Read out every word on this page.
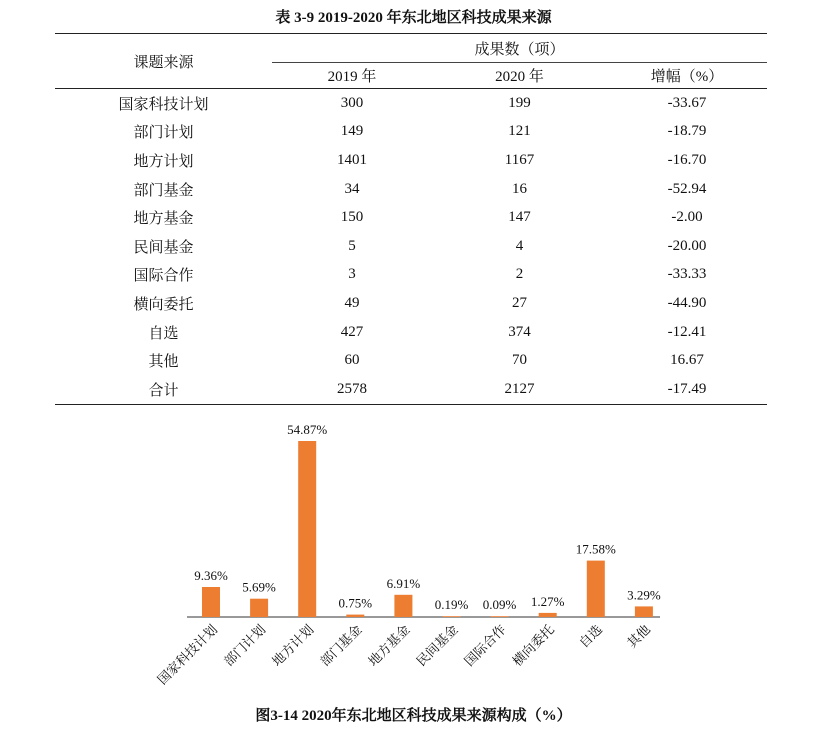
表 3-9 2019-2020 年东北地区科技成果来源
课题来源	成果数（项）		
	2019 年	2020 年	增幅（%）
国家科技计划	300	199	-33.67
部门计划	149	121	-18.79
地方计划	1401	1167	-16.70
部门基金	34	16	-52.94
地方基金	150	147	-2.00
民间基金	5	4	-20.00
国际合作	3	2	-33.33
横向委托	49	27	-44.90
自选	427	374	-12.41
其他	60	70	16.67
合计	2578	2127	-17.49
9.36%
5.69%
54.87%
0.75%
6.91%
0.19% 0.09% 1.27%
17.58%
3.29%
国家科技计划 部门计划 地方计划 部门基金 地方基金 民间基金 国际合作 横向委托 自选 其他
图3-14 2020年东北地区科技成果来源构成（%）
